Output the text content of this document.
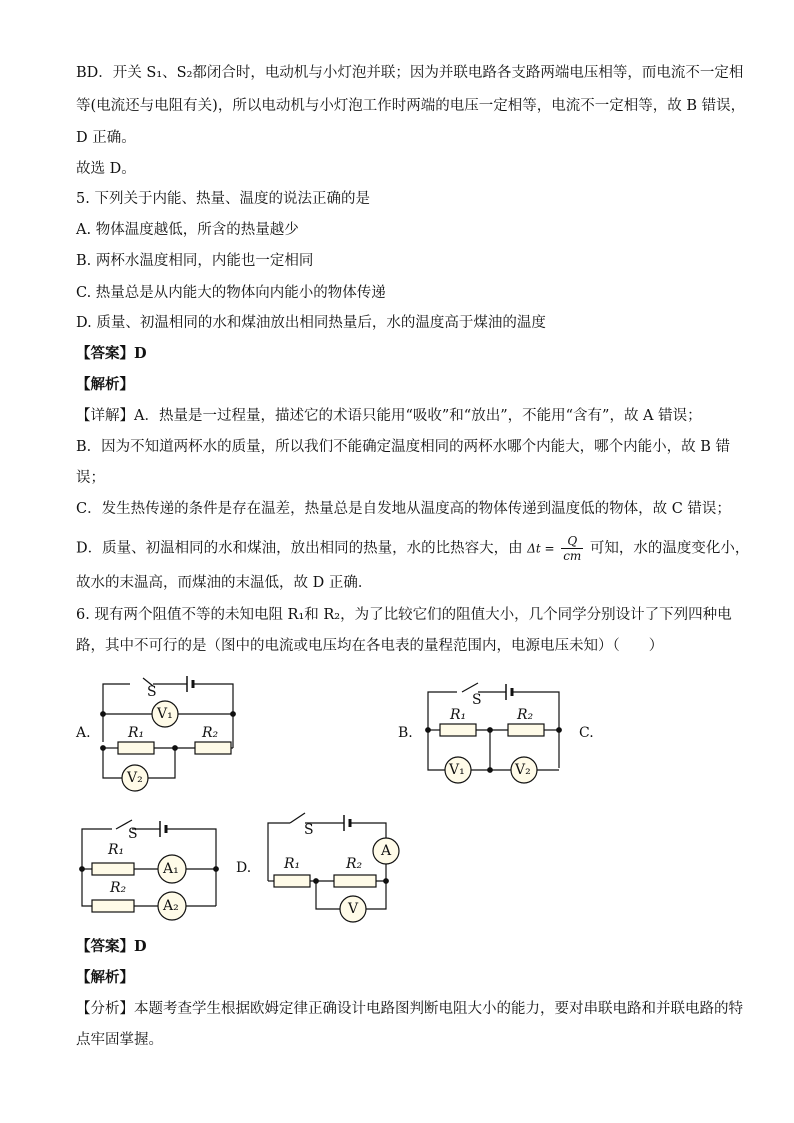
BD．开关 S₁、S₂都闭合时，电动机与小灯泡并联；因为并联电路各支路两端电压相等，而电流不一定相
等(电流还与电阻有关)，所以电动机与小灯泡工作时两端的电压一定相等，电流不一定相等，故 B 错误，
D 正确。
故选 D。
5. 下列关于内能、热量、温度的说法正确的是
A. 物体温度越低，所含的热量越少
B. 两杯水温度相同，内能也一定相同
C. 热量总是从内能大的物体向内能小的物体传递
D. 质量、初温相同的水和煤油放出相同热量后，水的温度高于煤油的温度
【答案】D
【解析】
【详解】A．热量是一过程量，描述它的术语只能用“吸收”和“放出”，不能用“含有”，故 A 错误；
B．因为不知道两杯水的质量，所以我们不能确定温度相同的两杯水哪个内能大，哪个内能小，故 B 错
误；
C．发生热传递的条件是存在温差，热量总是自发地从温度高的物体传递到温度低的物体，故 C 错误；
D．质量、初温相同的水和煤油，放出相同的热量，水的比热容大，由 $\Delta t = \frac{Q}{cm}$ 可知，水的温度变化小，
故水的末温高，而煤油的末温低，故 D 正确．
6. 现有两个阻值不等的未知电阻 R₁和 R₂，为了比较它们的阻值大小，几个同学分别设计了下列四种电
路，其中不可行的是（图中的电流或电压均在各电表的量程范围内，电源电压未知）（　　）
A.
S
V₁
R₁	R₂
V₂
B.
S
R₁	R₂
V₁	V₂
C.
S
R₁
A₁
R₂
A₂
D.
S
A
R₁	R₂
V
【答案】D
【解析】
【分析】本题考查学生根据欧姆定律正确设计电路图判断电阻大小的能力，要对串联电路和并联电路的特
点牢固掌握。
